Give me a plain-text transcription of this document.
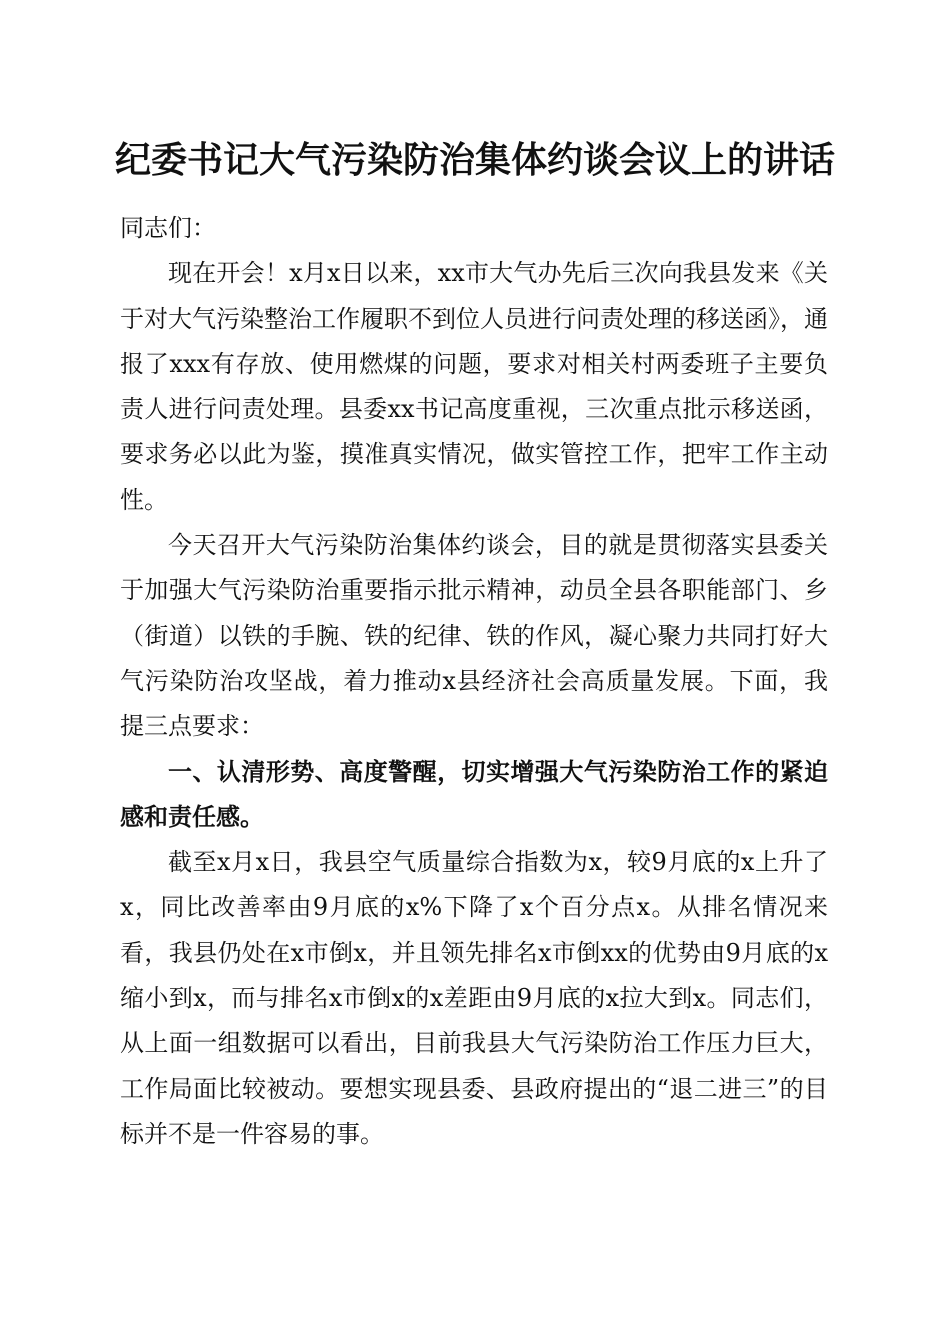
纪委书记大气污染防治集体约谈会议上的讲话

同志们：

现在开会！x月x日以来，xx市大气办先后三次向我县发来《关于对大气污染整治工作履职不到位人员进行问责处理的移送函》，通报了xxx有存放、使用燃煤的问题，要求对相关村两委班子主要负责人进行问责处理。县委xx书记高度重视，三次重点批示移送函，要求务必以此为鉴，摸准真实情况，做实管控工作，把牢工作主动性。

今天召开大气污染防治集体约谈会，目的就是贯彻落实县委关于加强大气污染防治重要指示批示精神，动员全县各职能部门、乡（街道）以铁的手腕、铁的纪律、铁的作风，凝心聚力共同打好大气污染防治攻坚战，着力推动x县经济社会高质量发展。下面，我提三点要求：

一、认清形势、高度警醒，切实增强大气污染防治工作的紧迫感和责任感。

截至x月x日，我县空气质量综合指数为x，较9月底的x上升了x，同比改善率由9月底的x%下降了x个百分点x。从排名情况来看，我县仍处在x市倒x，并且领先排名x市倒xx的优势由9月底的x缩小到x，而与排名x市倒x的x差距由9月底的x拉大到x。同志们，从上面一组数据可以看出，目前我县大气污染防治工作压力巨大，工作局面比较被动。要想实现县委、县政府提出的“退二进三”的目标并不是一件容易的事。
